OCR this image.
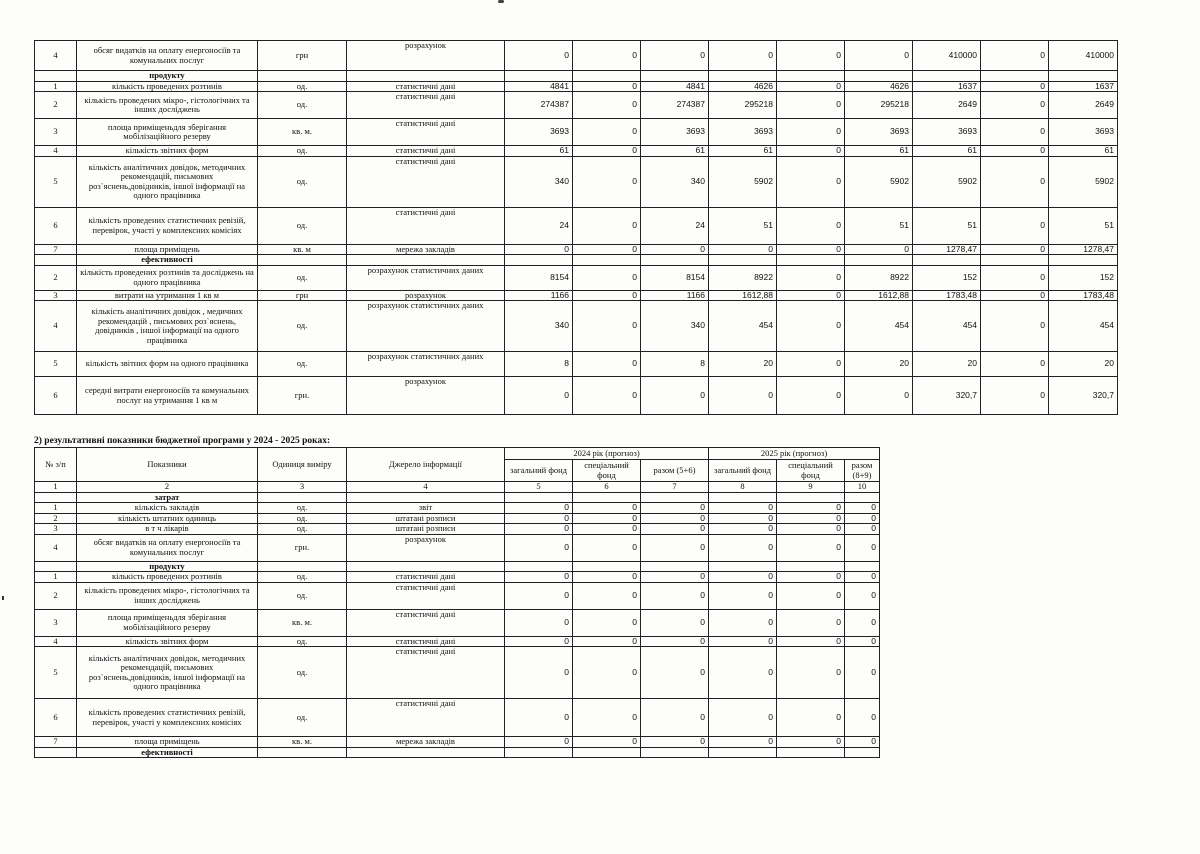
4	обсяг видатків на оплату енергоносіїв та комунальних послуг	грн	розрахунок	0	0	0	0	0	0	410000	0	410000
	продукту											
1	кількість проведених розтинів	од.	статистичні дані	4841	0	4841	4626	0	4626	1637	0	1637
2	кількість проведених мікро-, гістологічних та інших досліджень	од.	статистичні дані	274387	0	274387	295218	0	295218	2649	0	2649
3	площа приміщеньдля зберігання мобілізаційного резерву	кв. м.	статистичні дані	3693	0	3693	3693	0	3693	3693	0	3693
4	кількість звітних форм	од.	статистичні дані	61	0	61	61	0	61	61	0	61
5	кількість аналітичних довідок, методичних рекомендацій, письмових роз`яснень,довідників, іншої інформації на одного працівника	од.	статистичні дані	340	0	340	5902	0	5902	5902	0	5902
6	кількість проведених статистичних ревізій, перевірок, участі у комплексних комісіях	од.	статистичні дані	24	0	24	51	0	51	51	0	51
7	площа приміщень	кв. м	мережа закладів	0	0	0	0	0	0	1278,47	0	1278,47
	ефективності											
2	кількість проведених розтинів та досліджень на одного працівника	од.	розрахунок статистичних даних	8154	0	8154	8922	0	8922	152	0	152
3	витрати на утримання 1 кв м	грн	розрахунок	1166	0	1166	1612,88	0	1612,88	1783,48	0	1783,48
4	кількість аналітичних довідок , медичних рекомендацій , письмових роз`яснень, довідників , іншої інформації на одного працівника	од.	розрахунок статистичних даних	340	0	340	454	0	454	454	0	454
5	кількість звітних форм на одного працівника	од.	розрахунок статистичних даних	8	0	8	20	0	20	20	0	20
6	середні витрати енергоносіїв та комунальних послуг на утримання 1 кв м	грн.	розрахунок	0	0	0	0	0	0	320,7	0	320,7
2) результативні показники бюджетної програми у 2024 - 2025 роках:
№ з/п	Показники	Одиниця виміру	Джерело інформації	2024 рік (прогноз)			2025 рік (прогноз)		
				загальний фонд	спеціальний фонд	разом (5+6)	загальний фонд	спеціальний фонд	разом (8+9)
1	2	3	4	5	6	7	8	9	10
	затрат								
1	кількість закладів	од.	звіт	0	0	0	0	0	0
2	кількість штатних одиниць	од.	штатані розписи	0	0	0	0	0	0
3	в т ч лікарів	од.	штатані розписи	0	0	0	0	0	0
4	обсяг видатків на оплату енергоносіїв та комунальних послуг	грн.	розрахунок	0	0	0	0	0	0
	продукту								
1	кількість проведених розтинів	од.	статистичні дані	0	0	0	0	0	0
2	кількість проведених мікро-, гістологічних та інших досліджень	од.	статистичні дані	0	0	0	0	0	0
3	площа приміщеньдля зберігання мобілізаційного резерву	кв. м.	статистичні дані	0	0	0	0	0	0
4	кількість звітних форм	од.	статистичні дані	0	0	0	0	0	0
5	кількість аналітичних довідок, методичних рекомендацій, письмових роз`яснень,довідників, іншої інформації на одного працівника	од.	статистичні дані	0	0	0	0	0	0
6	кількість проведених статистичних ревізій, перевірок, участі у комплексних комісіях	од.	статистичні дані	0	0	0	0	0	0
7	площа приміщень	кв. м.	мережа закладів	0	0	0	0	0	0
	ефективності								
